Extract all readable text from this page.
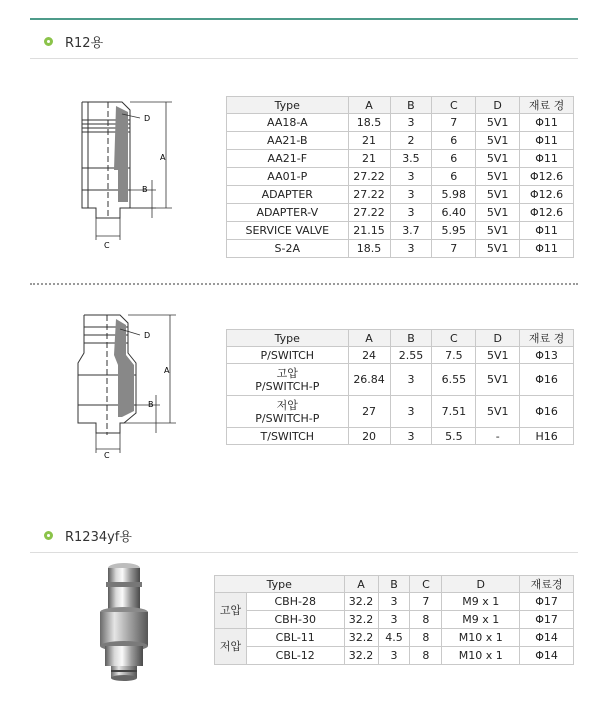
R12용
D
A
B
C
Type	A	B	C	D	재료 경
AA18-A	18.5	3	7	5V1	Φ11
AA21-B	21	2	6	5V1	Φ11
AA21-F	21	3.5	6	5V1	Φ11
AA01-P	27.22	3	6	5V1	Φ12.6
ADAPTER	27.22	3	5.98	5V1	Φ12.6
ADAPTER-V	27.22	3	6.40	5V1	Φ12.6
SERVICE VALVE	21.15	3.7	5.95	5V1	Φ11
S-2A	18.5	3	7	5V1	Φ11
D
A
B
C
Type	A	B	C	D	재료 경
P/SWITCH	24	2.55	7.5	5V1	Φ13

고압
P/SWITCH-P	26.84	3	6.55	5V1	Φ16

저압
P/SWITCH-P	27	3	7.51	5V1	Φ16
T/SWITCH	20	3	5.5	-	H16
R1234yf용
Type		A	B	C	D	재료경
고압	CBH-28	32.2	3	7	M9 x 1	Φ17
	CBH-30	32.2	3	8	M9 x 1	Φ17
저압	CBL-11	32.2	4.5	8	M10 x 1	Φ14
	CBL-12	32.2	3	8	M10 x 1	Φ14
